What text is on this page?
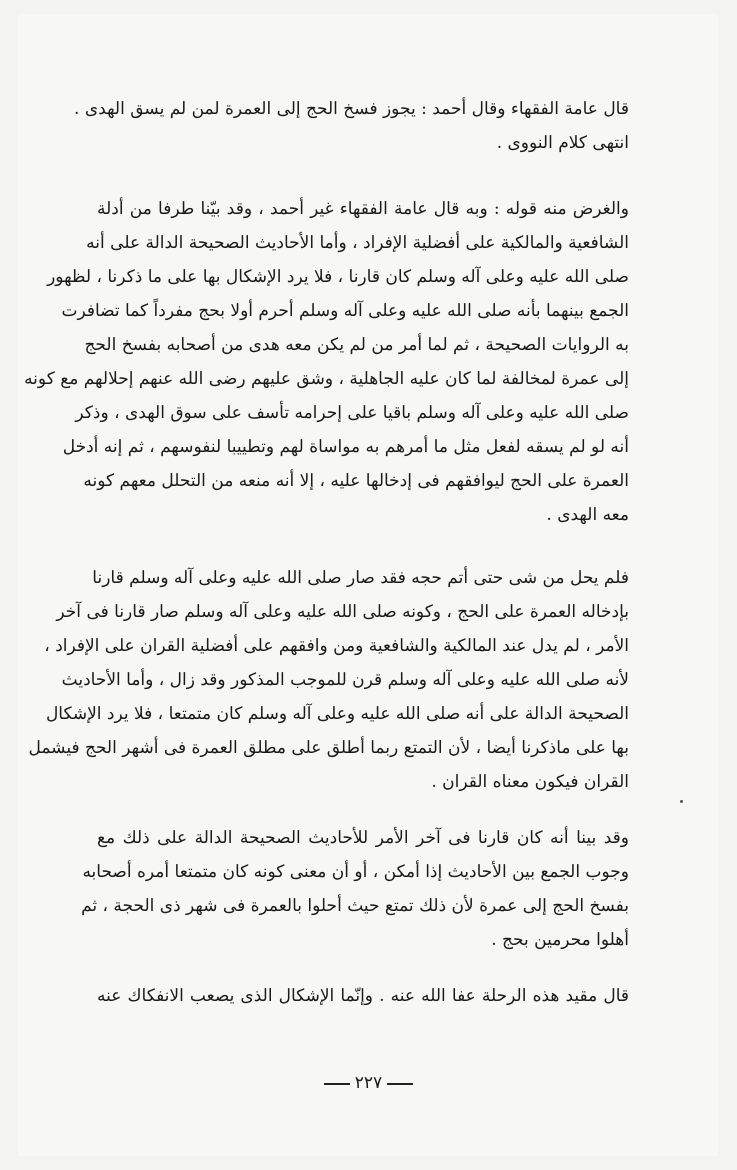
قال عامة الفقهاء وقال أحمد : يجوز فسخ الحج إلى العمرة لمن لم يسق الهدى .
انتهى كلام النووى .
والغرض منه قوله : وبه قال عامة الفقهاء غير أحمد ، وقد بيّنا طرفا من أدلة
الشافعية والمالكية على أفضلية الإفراد ، وأما الأحاديث الصحيحة الدالة على أنه
صلى الله عليه وعلى آله وسلم كان قارنا ، فلا يرد الإشكال بها على ما ذكرنا ، لظهور
الجمع بينهما بأنه صلى الله عليه وعلى آله وسلم أحرم أولا بحج مفرداً كما تضافرت
به الروايات الصحيحة ، ثم لما أمر من لم يكن معه هدى من أصحابه بفسخ الحج
إلى عمرة لمخالفة لما كان عليه الجاهلية ، وشق عليهم رضى الله عنهم إحلالهم مع كونه
صلى الله عليه وعلى آله وسلم باقيا على إحرامه تأسف على سوق الهدى ، وذكر
أنه لو لم يسقه لفعل مثل ما أمرهم به مواساة لهم وتطييبا لنفوسهم ، ثم إنه أدخل
العمرة على الحج ليوافقهم فى إدخالها عليه ، إلا أنه منعه من التحلل معهم كونه
معه الهدى .
فلم يحل من شى حتى أتم حجه فقد صار صلى الله عليه وعلى آله وسلم قارنا
بإدخاله العمرة على الحج ، وكونه صلى الله عليه وعلى آله وسلم صار قارنا فى آخر
الأمر ، لم يدل عند المالكية والشافعية ومن وافقهم على أفضلية القران على الإفراد ،
لأنه صلى الله عليه وعلى آله وسلم قرن للموجب المذكور وقد زال ، وأما الأحاديث
الصحيحة الدالة على أنه صلى الله عليه وعلى آله وسلم كان متمتعا ، فلا يرد الإشكال
بها على ماذكرنا أيضا ، لأن التمتع ربما أطلق على مطلق العمرة فى أشهر الحج فيشمل
القران فيكون معناه القران .
وقد بينا أنه كان قارنا فى آخر الأمر للأحاديث الصحيحة الدالة على ذلك مع
وجوب الجمع بين الأحاديث إذا أمكن ، أو أن معنى كونه كان متمتعا أمره أصحابه
بفسخ الحج إلى عمرة لأن ذلك تمتع حيث أحلوا بالعمرة فى شهر ذى الحجة ، ثم
أهلوا محرمين بحج .
قال مقيد هذه الرحلة عفا الله عنه . وإنّما الإشكال الذى يصعب الانفكاك عنه
٢٢٧
